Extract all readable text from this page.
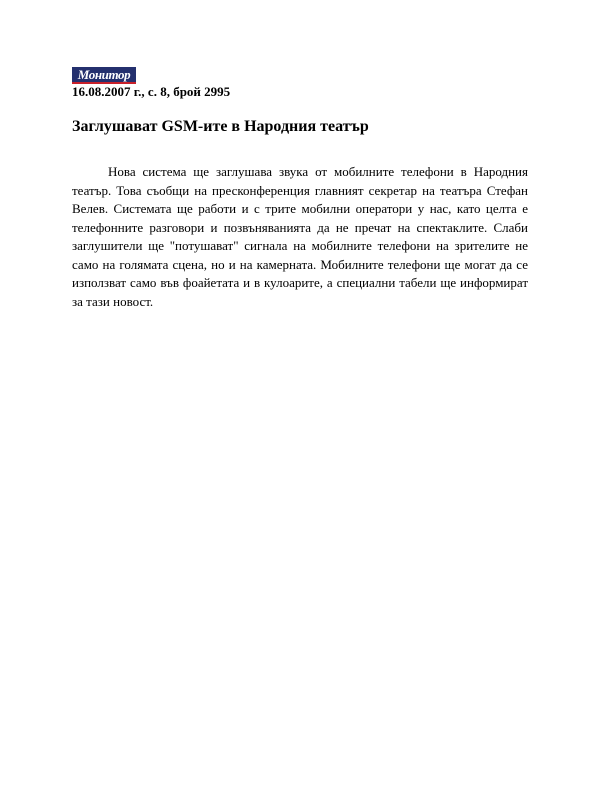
Монитор
16.08.2007 г., с. 8, брой 2995
Заглушават GSM-ите в Народния театър

Нова система ще заглушава звука от мобилните телефони в Народния театър. Това съобщи на пресконференция главният секретар на театъра Стефан Велев. Системата ще работи и с трите мобилни оператори у нас, като целта е телефонните разговори и позвъняванията да не пречат на спектаклите. Слаби заглушители ще "потушават" сигнала на мобилните телефони на зрителите не само на голямата сцена, но и на камерната. Мобилните телефони ще могат да се използват само във фоайетата и в кулоарите, а специални табели ще информират за тази новост.
